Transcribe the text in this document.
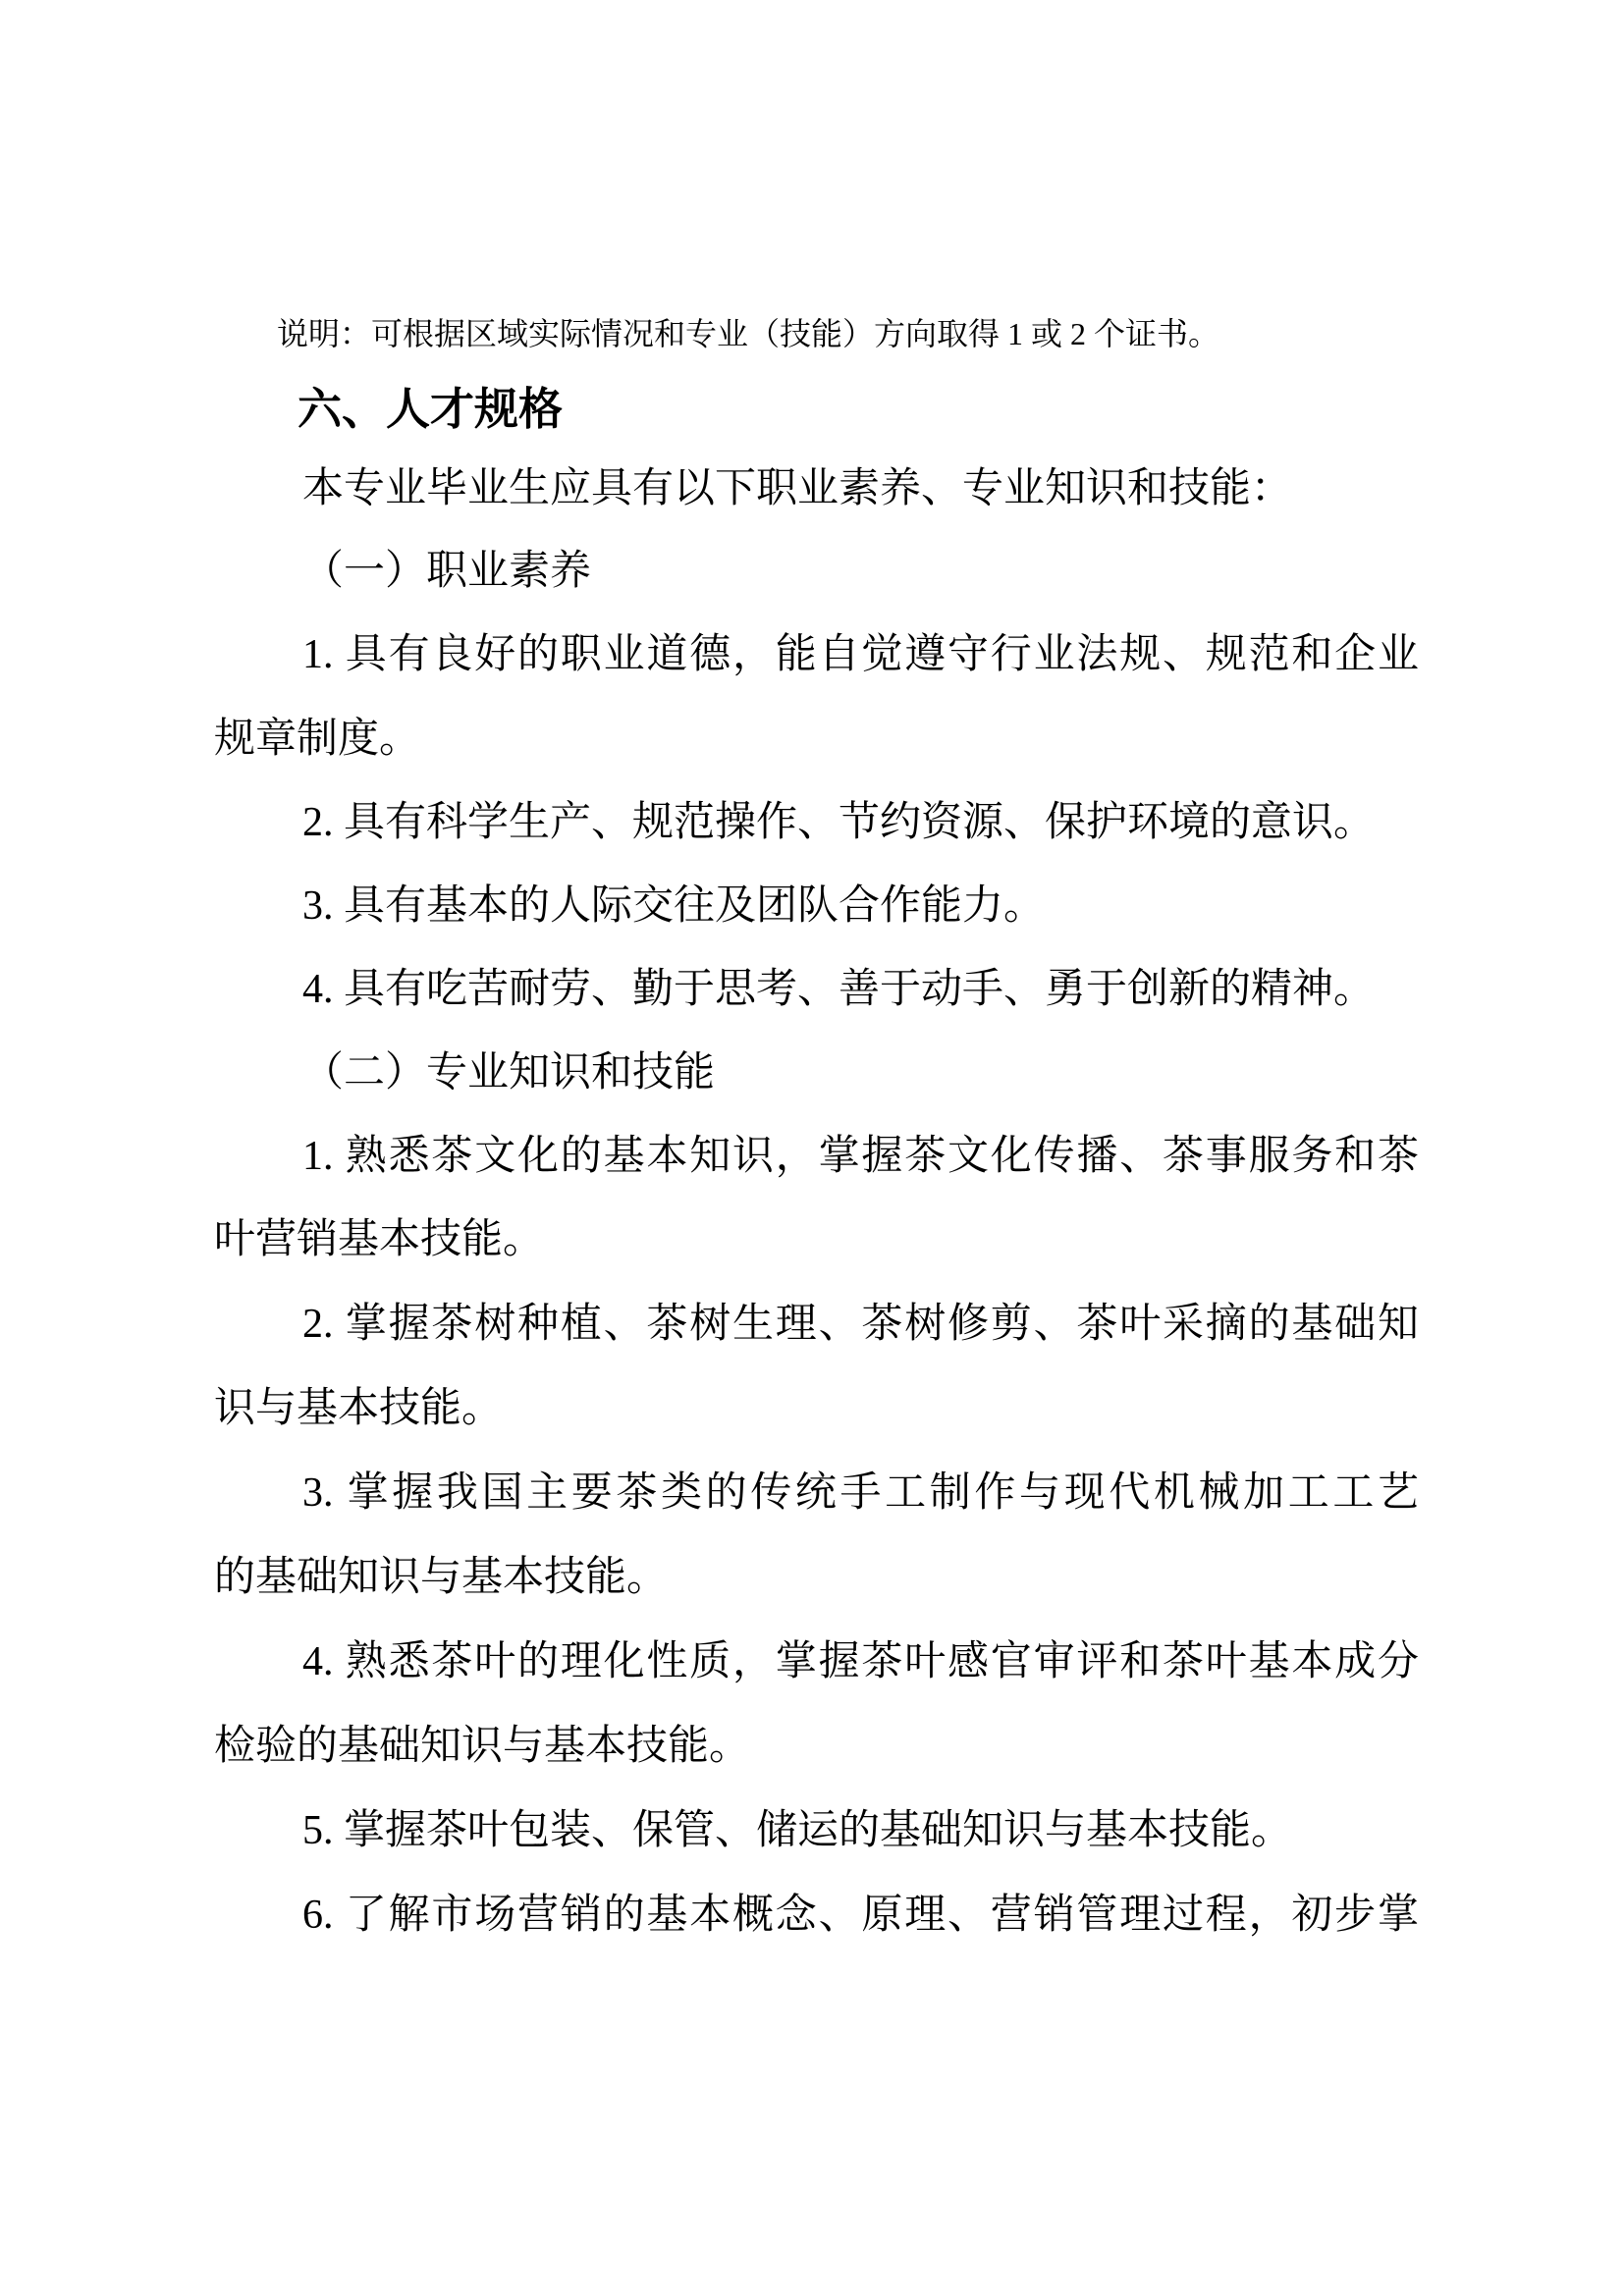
说明：可根据区域实际情况和专业（技能）方向取得 1 或 2 个证书。
六、人才规格
本专业毕业生应具有以下职业素养、专业知识和技能：
（一）职业素养
1. 具有良好的职业道德，能自觉遵守行业法规、规范和企业
规章制度。
2. 具有科学生产、规范操作、节约资源、保护环境的意识。
3. 具有基本的人际交往及团队合作能力。
4. 具有吃苦耐劳、勤于思考、善于动手、勇于创新的精神。
（二）专业知识和技能
1. 熟悉茶文化的基本知识，掌握茶文化传播、茶事服务和茶
叶营销基本技能。
2. 掌握茶树种植、茶树生理、茶树修剪、茶叶采摘的基础知
识与基本技能。
3. 掌握我国主要茶类的传统手工制作与现代机械加工工艺
的基础知识与基本技能。
4. 熟悉茶叶的理化性质，掌握茶叶感官审评和茶叶基本成分
检验的基础知识与基本技能。
5. 掌握茶叶包装、保管、储运的基础知识与基本技能。
6. 了解市场营销的基本概念、原理、营销管理过程，初步掌
